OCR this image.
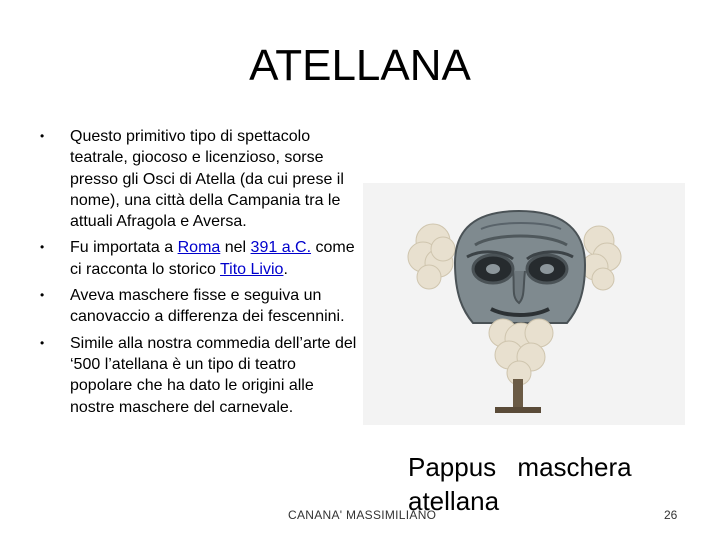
ATELLANA
• Questo primitivo tipo di spettacolo teatrale, giocoso e licenzioso, sorse presso gli Osci di Atella (da cui prese il nome), una città della Campania tra le attuali Afragola e Aversa.
• Fu importata a Roma nel 391 a.C. come ci racconta lo storico Tito Livio.
• Aveva maschere fisse e seguiva un canovaccio a differenza dei fescennini.
• Simile alla nostra commedia dell’arte del ‘500 l’atellana è un tipo di teatro popolare che ha dato le origini alle nostre maschere del carnevale.

Pappus maschera
atellana

CANANA' MASSIMILIANO	26
